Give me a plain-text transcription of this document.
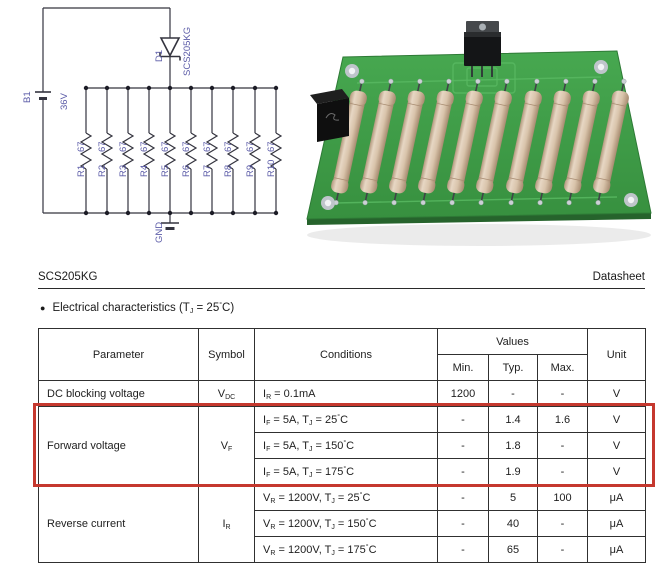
B1	36V
D1 SCS205KG
GND
R1
67
R2
67
R3
67
R4
67
R5
67
R6
67
R7
67
R8
67
R9
67
R10
67
SCS205KG	Datasheet
● Electrical characteristics $(T_J = 25^\circ C)$
Parameter	Symbol	Conditions	Values			Unit
			Min.	Typ.	Max.	
DC blocking voltage	$V_{DC}$	$I_R = 0.1mA$	1200	-	-	V
Forward voltage	$V_F$	$I_F = 5A$, $T_J = 25^\circ C$	-	1.4	1.6	V
		$I_F = 5A$, $T_J = 150^\circ C$	-	1.8	-	V
		$I_F = 5A$, $T_J = 175^\circ C$	-	1.9	-	V
Reverse current	$I_R$	$V_R = 1200V$, $T_J = 25^\circ C$	-	5	100	μA
		$V_R = 1200V$, $T_J = 150^\circ C$	-	40	-	μA
		$V_R = 1200V$, $T_J = 175^\circ C$	-	65	-	μA
